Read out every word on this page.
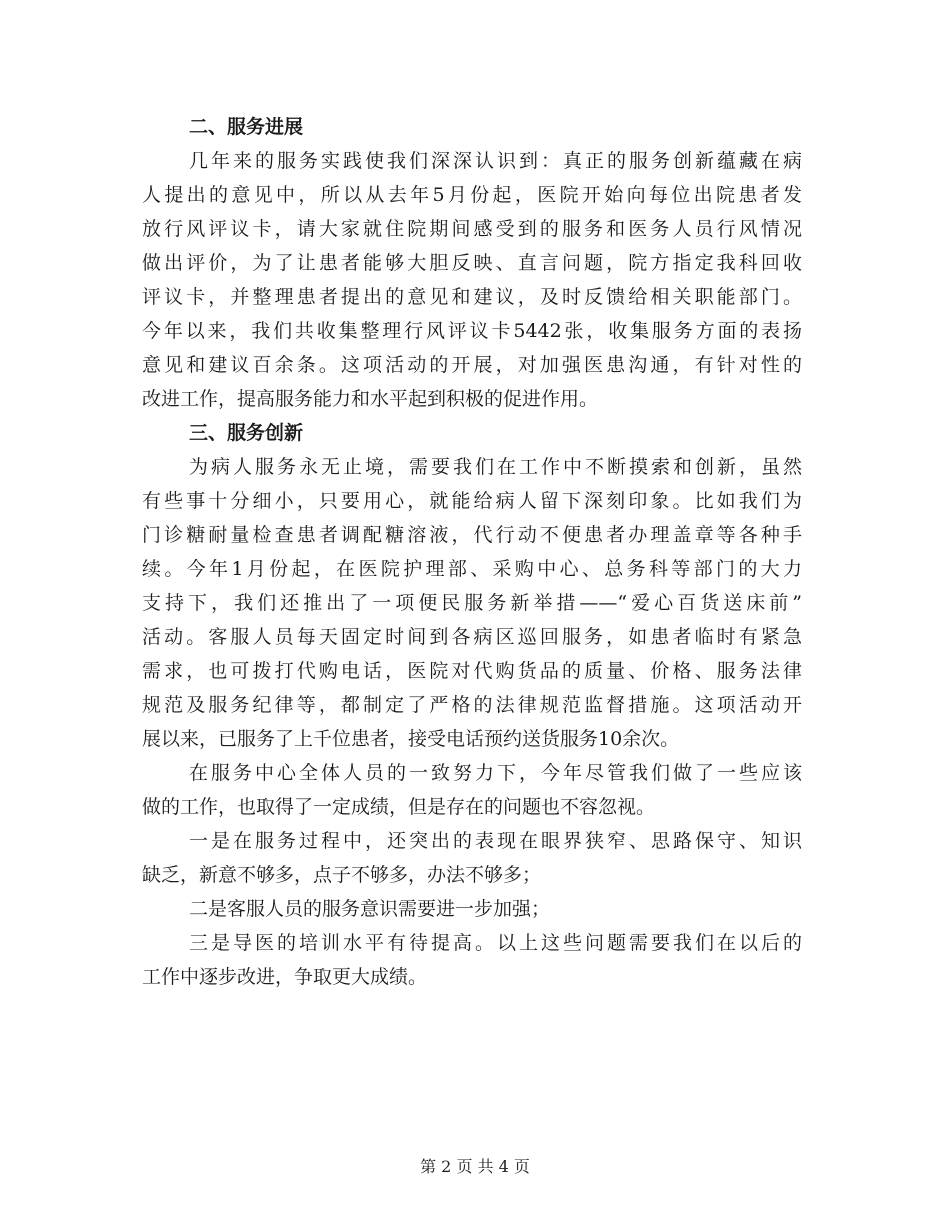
二、服务进展

几年来的服务实践使我们深深认识到：真正的服务创新蕴藏在病
人提出的意见中，所以从去年5月份起，医院开始向每位出院患者发
放行风评议卡，请大家就住院期间感受到的服务和医务人员行风情况
做出评价，为了让患者能够大胆反映、直言问题，院方指定我科回收
评议卡，并整理患者提出的意见和建议，及时反馈给相关职能部门。
今年以来，我们共收集整理行风评议卡5442张，收集服务方面的表扬
意见和建议百余条。这项活动的开展，对加强医患沟通，有针对性的
改进工作，提高服务能力和水平起到积极的促进作用。

三、服务创新

为病人服务永无止境，需要我们在工作中不断摸索和创新，虽然
有些事十分细小，只要用心，就能给病人留下深刻印象。比如我们为
门诊糖耐量检查患者调配糖溶液，代行动不便患者办理盖章等各种手
续。今年1月份起，在医院护理部、采购中心、总务科等部门的大力
支持下，我们还推出了一项便民服务新举措——“爱心百货送床前”
活动。客服人员每天固定时间到各病区巡回服务，如患者临时有紧急
需求，也可拨打代购电话，医院对代购货品的质量、价格、服务法律
规范及服务纪律等，都制定了严格的法律规范监督措施。这项活动开
展以来，已服务了上千位患者，接受电话预约送货服务10余次。

在服务中心全体人员的一致努力下，今年尽管我们做了一些应该
做的工作，也取得了一定成绩，但是存在的问题也不容忽视。

一是在服务过程中，还突出的表现在眼界狭窄、思路保守、知识
缺乏，新意不够多，点子不够多，办法不够多；

二是客服人员的服务意识需要进一步加强；

三是导医的培训水平有待提高。以上这些问题需要我们在以后的
工作中逐步改进，争取更大成绩。

第 2 页 共 4 页
